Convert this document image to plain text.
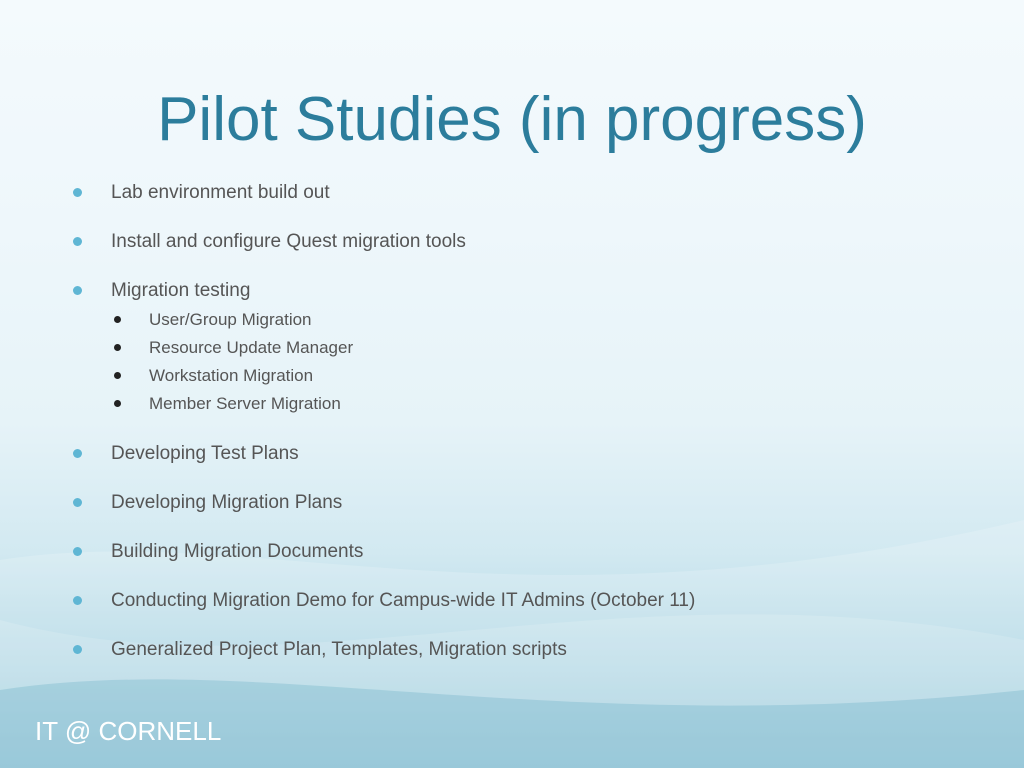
Pilot Studies (in progress)
Lab environment build out
Install and configure Quest migration tools
Migration testing
User/Group Migration
Resource Update Manager
Workstation Migration
Member Server Migration
Developing Test Plans
Developing Migration Plans
Building Migration Documents
Conducting Migration Demo for Campus-wide IT Admins (October 11)
Generalized Project Plan, Templates, Migration scripts
IT @ CORNELL
